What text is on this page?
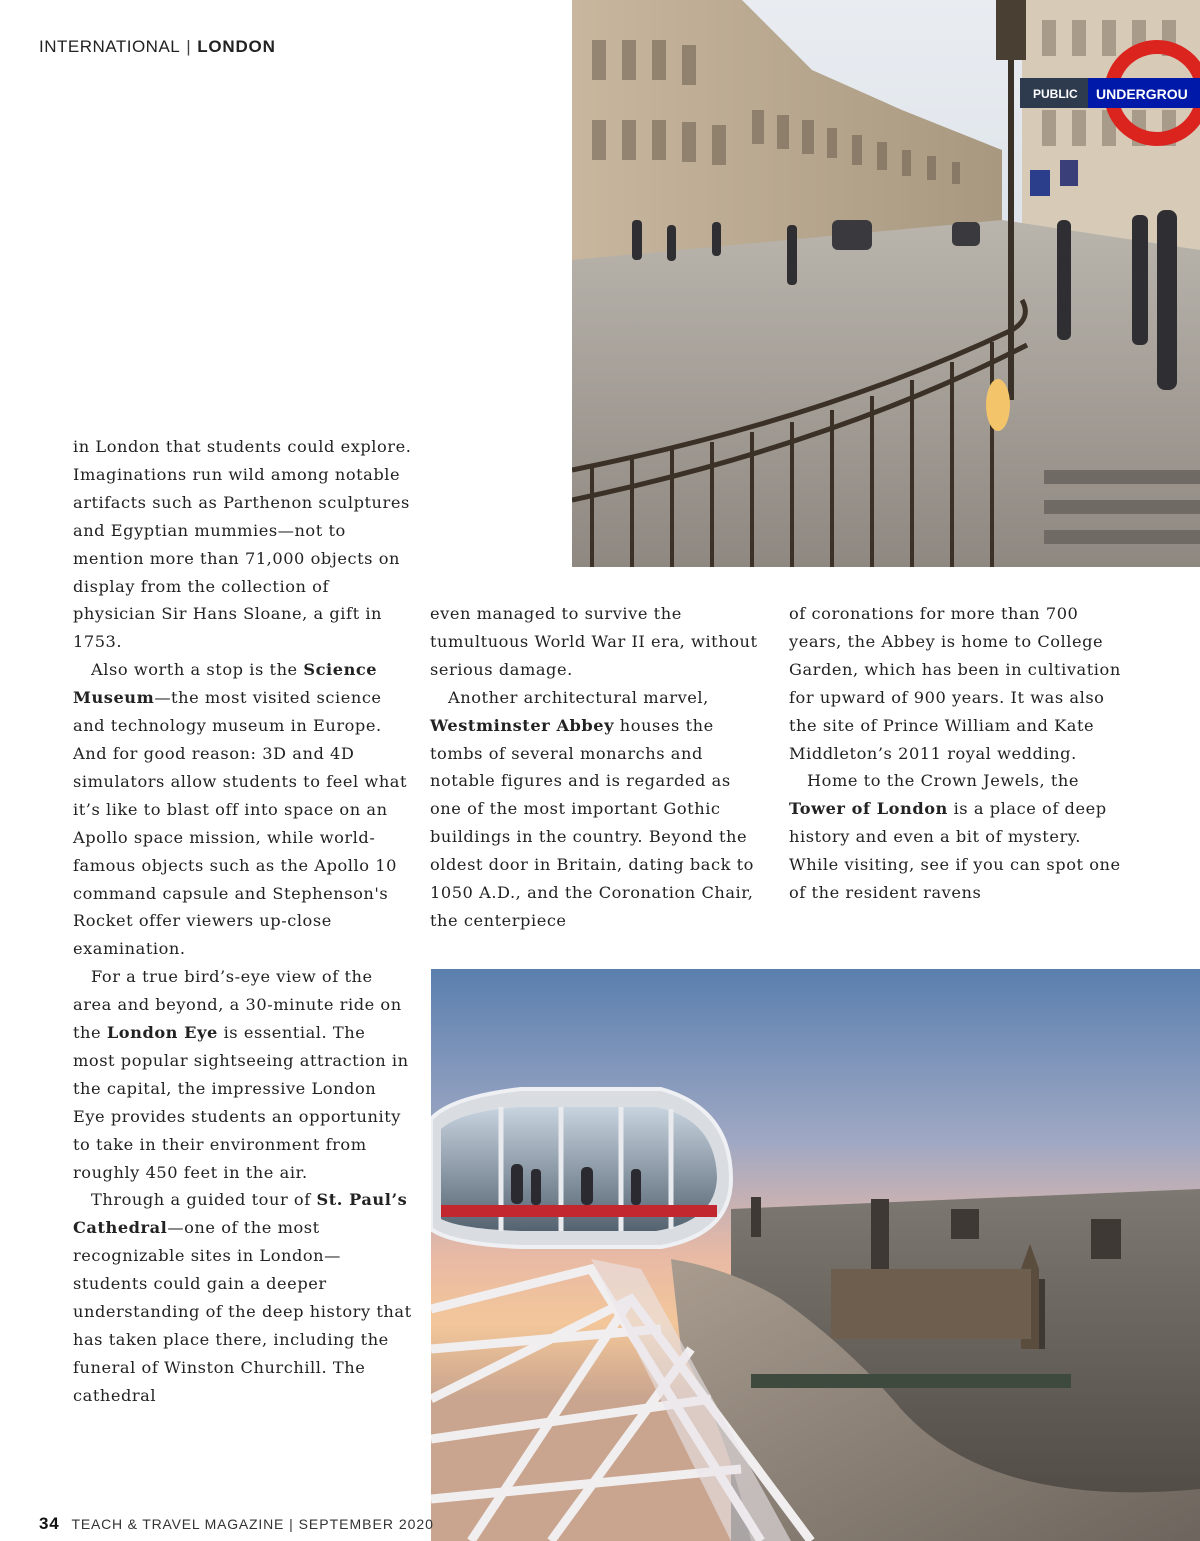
INTERNATIONAL | LONDON
PUBLIC UNDERGROU

in London that students could explore. Imaginations run wild among notable artifacts such as Parthenon sculptures and Egyptian mummies—not to mention more than 71,000 objects on display from the collection of physician Sir Hans Sloane, a gift in 1753.

Also worth a stop is the Science Museum—the most visited science and technology museum in Europe. And for good reason: 3D and 4D simulators allow students to feel what it’s like to blast off into space on an Apollo space mission, while world-famous objects such as the Apollo 10 command capsule and Stephenson's Rocket offer viewers up-close examination.

For a true bird’s-eye view of the area and beyond, a 30-minute ride on the London Eye is essential. The most popular sightseeing attraction in the capital, the impressive London Eye provides students an opportunity to take in their environment from roughly 450 feet in the air.

Through a guided tour of St. Paul’s Cathedral—one of the most recognizable sites in London—students could gain a deeper understanding of the deep history that has taken place there, including the funeral of Winston Churchill. The cathedral

even managed to survive the tumultuous World War II era, without serious damage.

Another architectural marvel, Westminster Abbey houses the tombs of several monarchs and notable figures and is regarded as one of the most important Gothic buildings in the country. Beyond the oldest door in Britain, dating back to 1050 A.D., and the Coronation Chair, the centerpiece

of coronations for more than 700 years, the Abbey is home to College Garden, which has been in cultivation for upward of 900 years. It was also the site of Prince William and Kate Middleton’s 2011 royal wedding.

Home to the Crown Jewels, the Tower of London is a place of deep history and even a bit of mystery. While visiting, see if you can spot one of the resident ravens

34 TEACH & TRAVEL MAGAZINE | SEPTEMBER 2020
